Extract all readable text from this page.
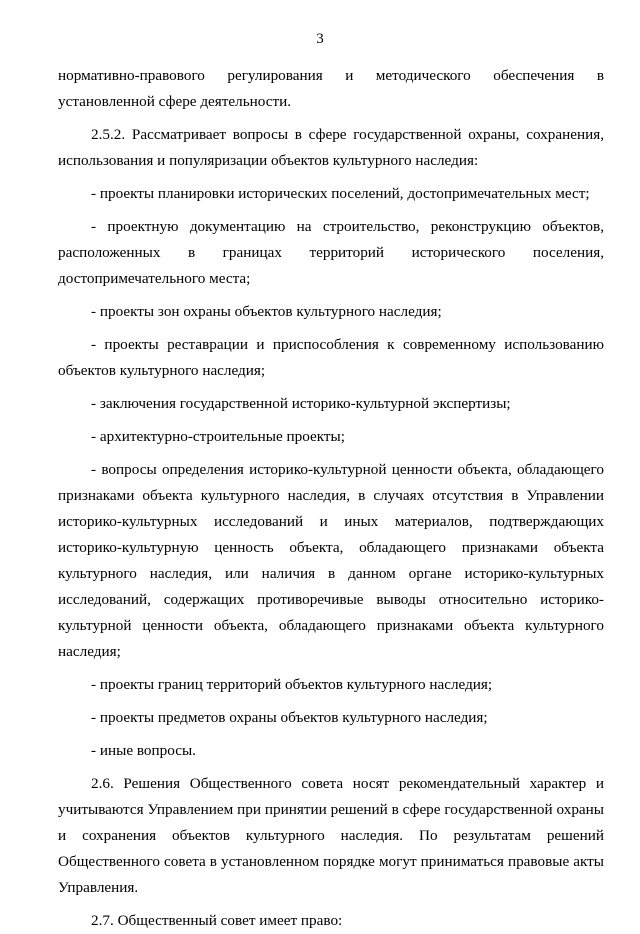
3

нормативно-правового регулирования и методического обеспечения в установленной сфере деятельности.

2.5.2. Рассматривает вопросы в сфере государственной охраны, сохранения, использования и популяризации объектов культурного наследия:

- проекты планировки исторических поселений, достопримечательных мест;

- проектную документацию на строительство, реконструкцию объектов, расположенных в границах территорий исторического поселения, достопримечательного места;

- проекты зон охраны объектов культурного наследия;

- проекты реставрации и приспособления к современному использованию объектов культурного наследия;

- заключения государственной историко-культурной экспертизы;

- архитектурно-строительные проекты;

- вопросы определения историко-культурной ценности объекта, обладающего признаками объекта культурного наследия, в случаях отсутствия в Управлении историко-культурных исследований и иных материалов, подтверждающих историко-культурную ценность объекта, обладающего признаками объекта культурного наследия, или наличия в данном органе историко-культурных исследований, содержащих противоречивые выводы относительно историко-культурной ценности объекта, обладающего признаками объекта культурного наследия;

- проекты границ территорий объектов культурного наследия;

- проекты предметов охраны объектов культурного наследия;

- иные вопросы.

2.6. Решения Общественного совета носят рекомендательный характер и учитываются Управлением при принятии решений в сфере государственной охраны и сохранения объектов культурного наследия. По результатам решений Общественного совета в установленном порядке могут приниматься правовые акты Управления.

2.7. Общественный совет имеет право:
